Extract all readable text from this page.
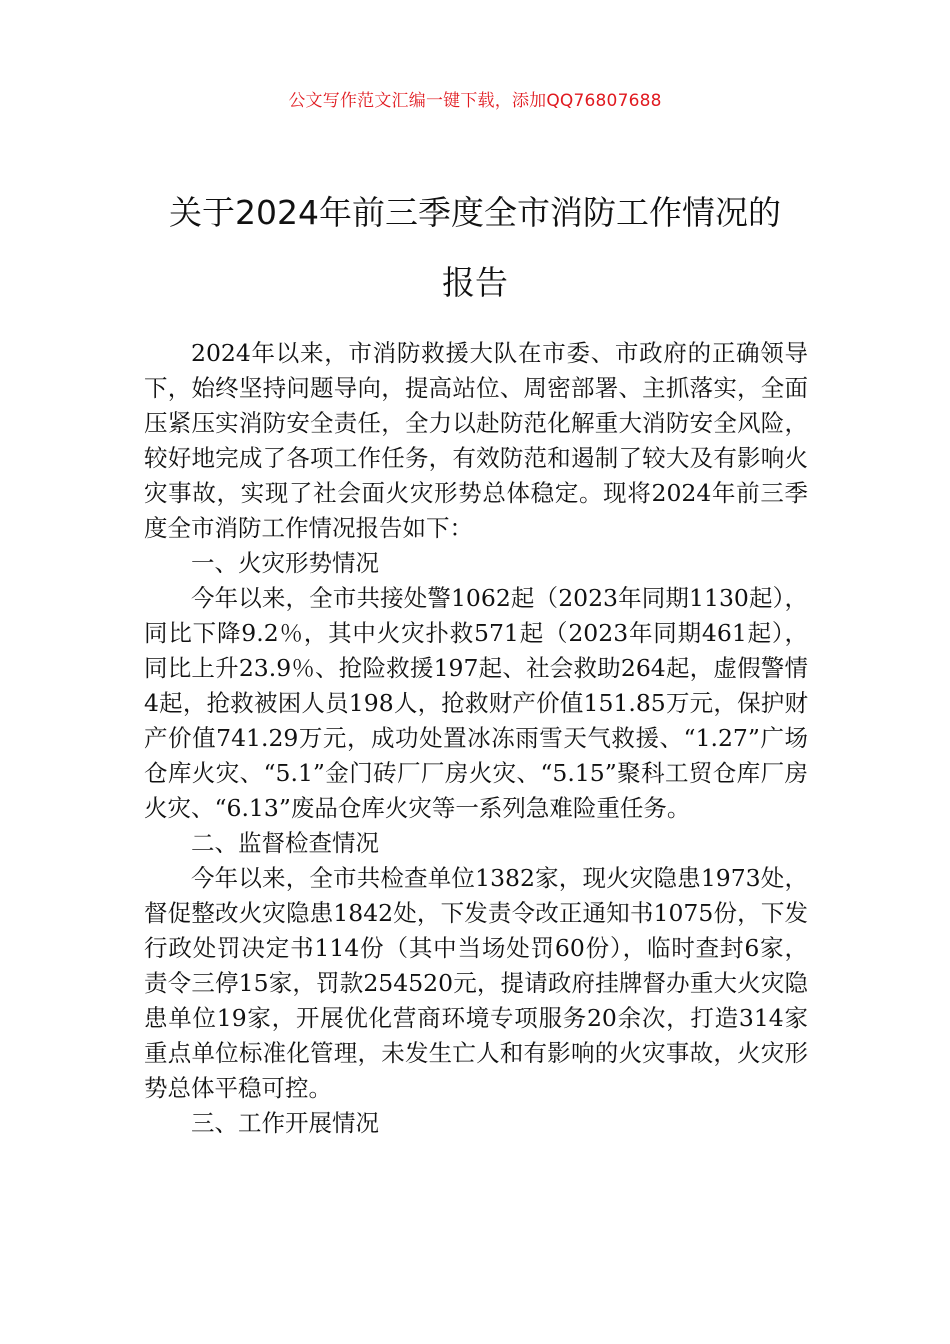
公文写作范文汇编一键下载，添加QQ76807688
关于2024年前三季度全市消防工作情况的
报告

2024年以来，市消防救援大队在市委、市政府的正确领导下，始终坚持问题导向，提高站位、周密部署、主抓落实，全面压紧压实消防安全责任，全力以赴防范化解重大消防安全风险，较好地完成了各项工作任务，有效防范和遏制了较大及有影响火灾事故，实现了社会面火灾形势总体稳定。现将2024年前三季度全市消防工作情况报告如下：

一、火灾形势情况

今年以来，全市共接处警1062起（2023年同期1130起），同比下降9.2％，其中火灾扑救571起（2023年同期461起），同比上升23.9％、抢险救援197起、社会救助264起，虚假警情4起，抢救被困人员198人，抢救财产价值151.85万元，保护财产价值741.29万元，成功处置冰冻雨雪天气救援、“1.27”广场仓库火灾、“5.1”金门砖厂厂房火灾、“5.15”聚科工贸仓库厂房火灾、“6.13”废品仓库火灾等一系列急难险重任务。

二、监督检查情况

今年以来，全市共检查单位1382家，现火灾隐患1973处，督促整改火灾隐患1842处，下发责令改正通知书1075份，下发行政处罚决定书114份（其中当场处罚60份），临时查封6家，责令三停15家，罚款254520元，提请政府挂牌督办重大火灾隐患单位19家，开展优化营商环境专项服务20余次，打造314家重点单位标准化管理，未发生亡人和有影响的火灾事故，火灾形势总体平稳可控。

三、工作开展情况
